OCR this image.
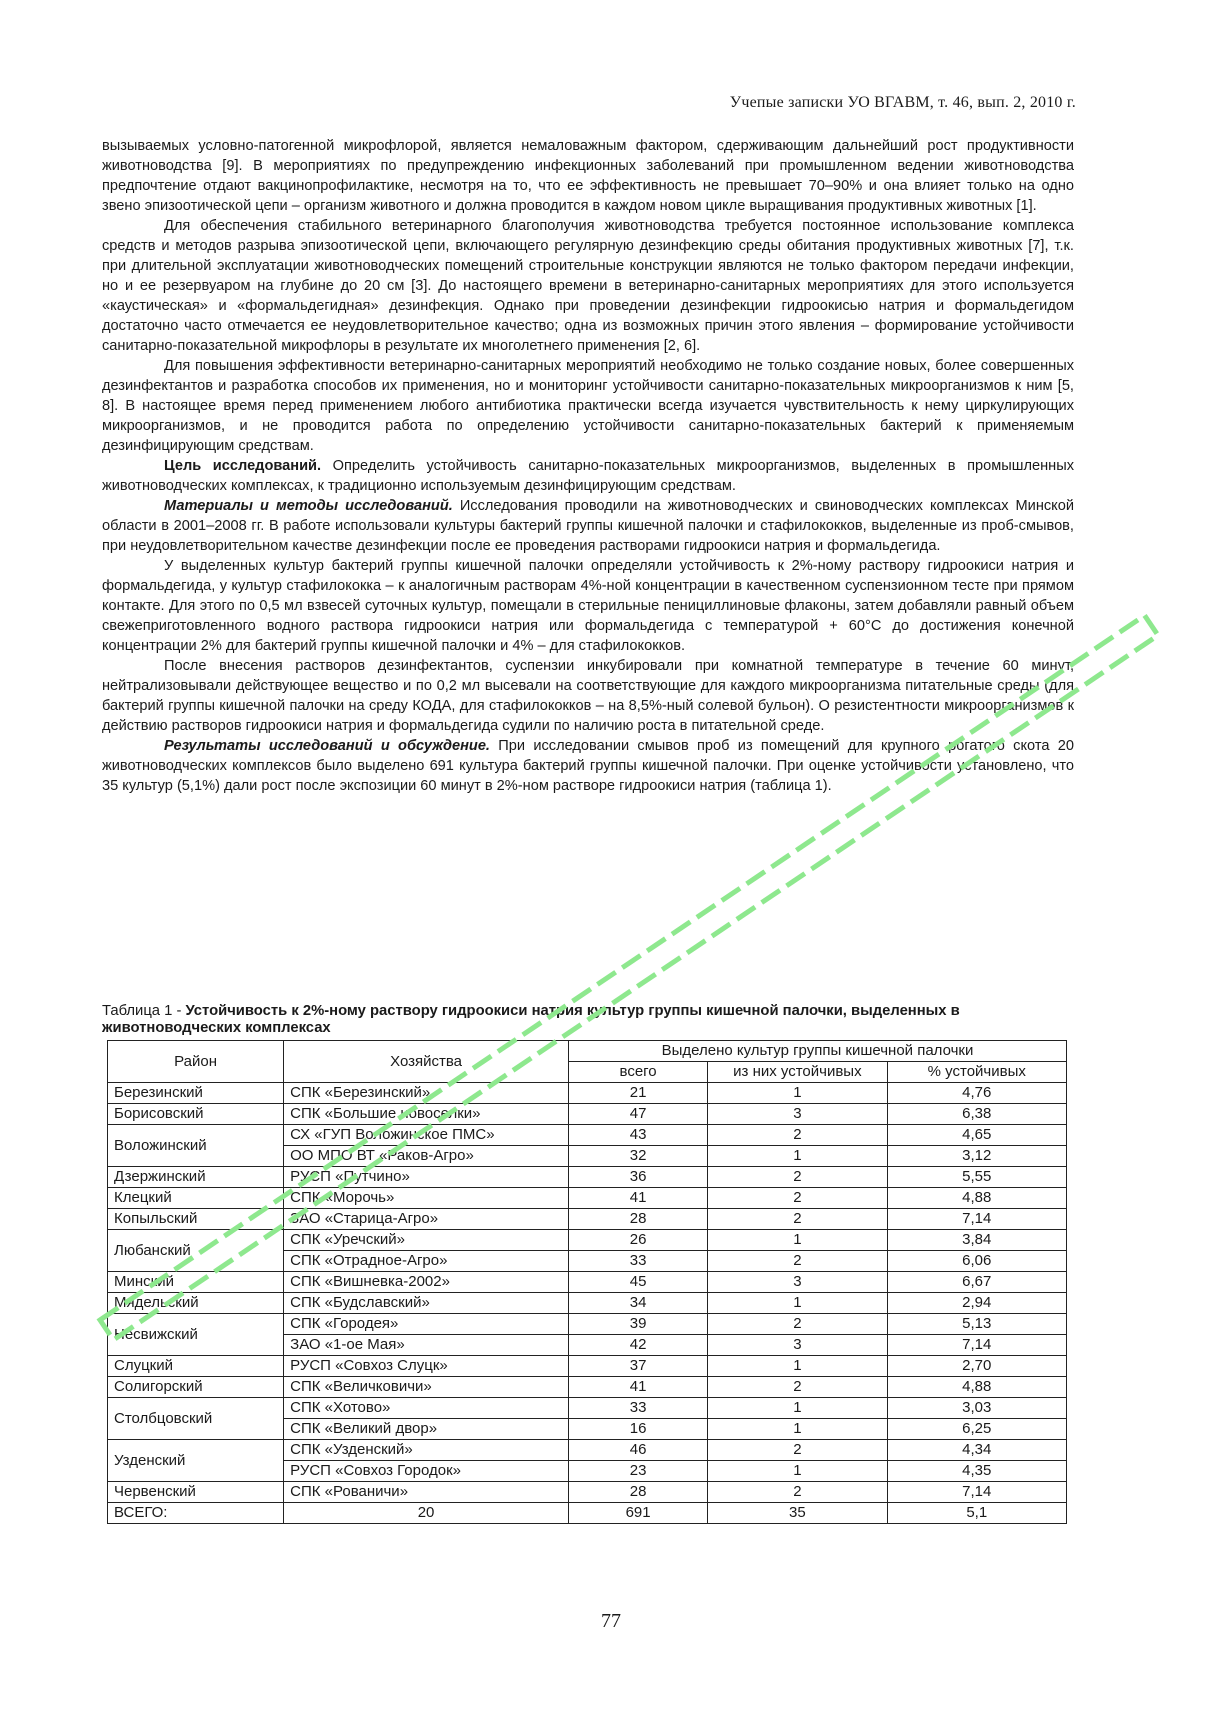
Учепые записки УО ВГАВМ, т. 46, вып. 2, 2010 г.

вызываемых условно-патогенной микрофлорой, является немаловажным фактором, сдерживающим дальнейший рост продуктивности животноводства [9]. В мероприятиях по предупреждению инфекционных заболеваний при промышленном ведении животноводства предпочтение отдают вакцинопрофилактике, несмотря на то, что ее эффективность не превышает 70–90% и она влияет только на одно звено эпизоотической цепи – организм животного и должна проводится в каждом новом цикле выращивания продуктивных животных [1].

Для обеспечения стабильного ветеринарного благополучия животноводства требуется постоянное использование комплекса средств и методов разрыва эпизоотической цепи, включающего регулярную дезинфекцию среды обитания продуктивных животных [7], т.к. при длительной эксплуатации животноводческих помещений строительные конструкции являются не только фактором передачи инфекции, но и ее резервуаром на глубине до 20 см [3]. До настоящего времени в ветеринарно-санитарных мероприятиях для этого используется «каустическая» и «формальдегидная» дезинфекция. Однако при проведении дезинфекции гидроокисью натрия и формальдегидом достаточно часто отмечается ее неудовлетворительное качество; одна из возможных причин этого явления – формирование устойчивости санитарно-показательной микрофлоры в результате их многолетнего применения [2, 6].

Для повышения эффективности ветеринарно-санитарных мероприятий необходимо не только создание новых, более совершенных дезинфектантов и разработка способов их применения, но и мониторинг устойчивости санитарно-показательных микроорганизмов к ним [5, 8]. В настоящее время перед применением любого антибиотика практически всегда изучается чувствительность к нему циркулирующих микроорганизмов, и не проводится работа по определению устойчивости санитарно-показательных бактерий к применяемым дезинфицирующим средствам.

Цель исследований. Определить устойчивость санитарно-показательных микроорганизмов, выделенных в промышленных животноводческих комплексах, к традиционно используемым дезинфицирующим средствам.

Материалы и методы исследований. Исследования проводили на животноводческих и свиноводческих комплексах Минской области в 2001–2008 гг. В работе использовали культуры бактерий группы кишечной палочки и стафилококков, выделенные из проб-смывов, при неудовлетворительном качестве дезинфекции после ее проведения растворами гидроокиси натрия и формальдегида.

У выделенных культур бактерий группы кишечной палочки определяли устойчивость к 2%-ному раствору гидроокиси натрия и формальдегида, у культур стафилококка – к аналогичным растворам 4%-ной концентрации в качественном суспензионном тесте при прямом контакте. Для этого по 0,5 мл взвесей суточных культур, помещали в стерильные пенициллиновые флаконы, затем добавляли равный объем свежеприготовленного водного раствора гидроокиси натрия или формальдегида с температурой + 60°С до достижения конечной концентрации 2% для бактерий группы кишечной палочки и 4% – для стафилококков.

После внесения растворов дезинфектантов, суспензии инкубировали при комнатной температуре в течение 60 минут, нейтрализовывали действующее вещество и по 0,2 мл высевали на соответствующие для каждого микроорганизма питательные среды (для бактерий группы кишечной палочки на среду КОДА, для стафилококков – на 8,5%-ный солевой бульон). О резистентности микроорганизмов к действию растворов гидроокиси натрия и формальдегида судили по наличию роста в питательной среде.

Результаты исследований и обсуждение. При исследовании смывов проб из помещений для крупного рогатого скота 20 животноводческих комплексов было выделено 691 культура бактерий группы кишечной палочки. При оценке устойчивости установлено, что 35 культур (5,1%) дали рост после экспозиции 60 минут в 2%-ном растворе гидроокиси натрия (таблица 1).

Таблица 1 - Устойчивость к 2%-ному раствору гидроокиси натрия культур группы кишечной палочки, выделенных в животноводческих комплексах
Район	Хозяйства	Выделено культур группы кишечной палочки		
		всего	из них устойчивых	% устойчивых
Березинский	СПК «Березинский»	21	1	4,76
Борисовский	СПК «Большие новоселки»	47	3	6,38
Воложинский	СХ «ГУП Воложинское ПМС»	43	2	4,65
	ОО МПО ВТ «Раков-Агро»	32	1	3,12
Дзержинский	РУСП «Путчино»	36	2	5,55
Клецкий	СПК «Морочь»	41	2	4,88
Копыльский	ЗАО «Старица-Агро»	28	2	7,14
Любанский	СПК «Уречский»	26	1	3,84
	СПК «Отрадное-Агро»	33	2	6,06
Минский	СПК «Вишневка-2002»	45	3	6,67
Мядельский	СПК «Будславский»	34	1	2,94
Несвижский	СПК «Городея»	39	2	5,13
	ЗАО «1-ое Мая»	42	3	7,14
Слуцкий	РУСП «Совхоз Слуцк»	37	1	2,70
Солигорский	СПК «Величковичи»	41	2	4,88
Столбцовский	СПК «Хотово»	33	1	3,03
	СПК «Великий двор»	16	1	6,25
Узденский	СПК «Узденский»	46	2	4,34
	РУСП «Совхоз Городок»	23	1	4,35
Червенский	СПК «Рованичи»	28	2	7,14
ВСЕГО:	20	691	35	5,1
77
